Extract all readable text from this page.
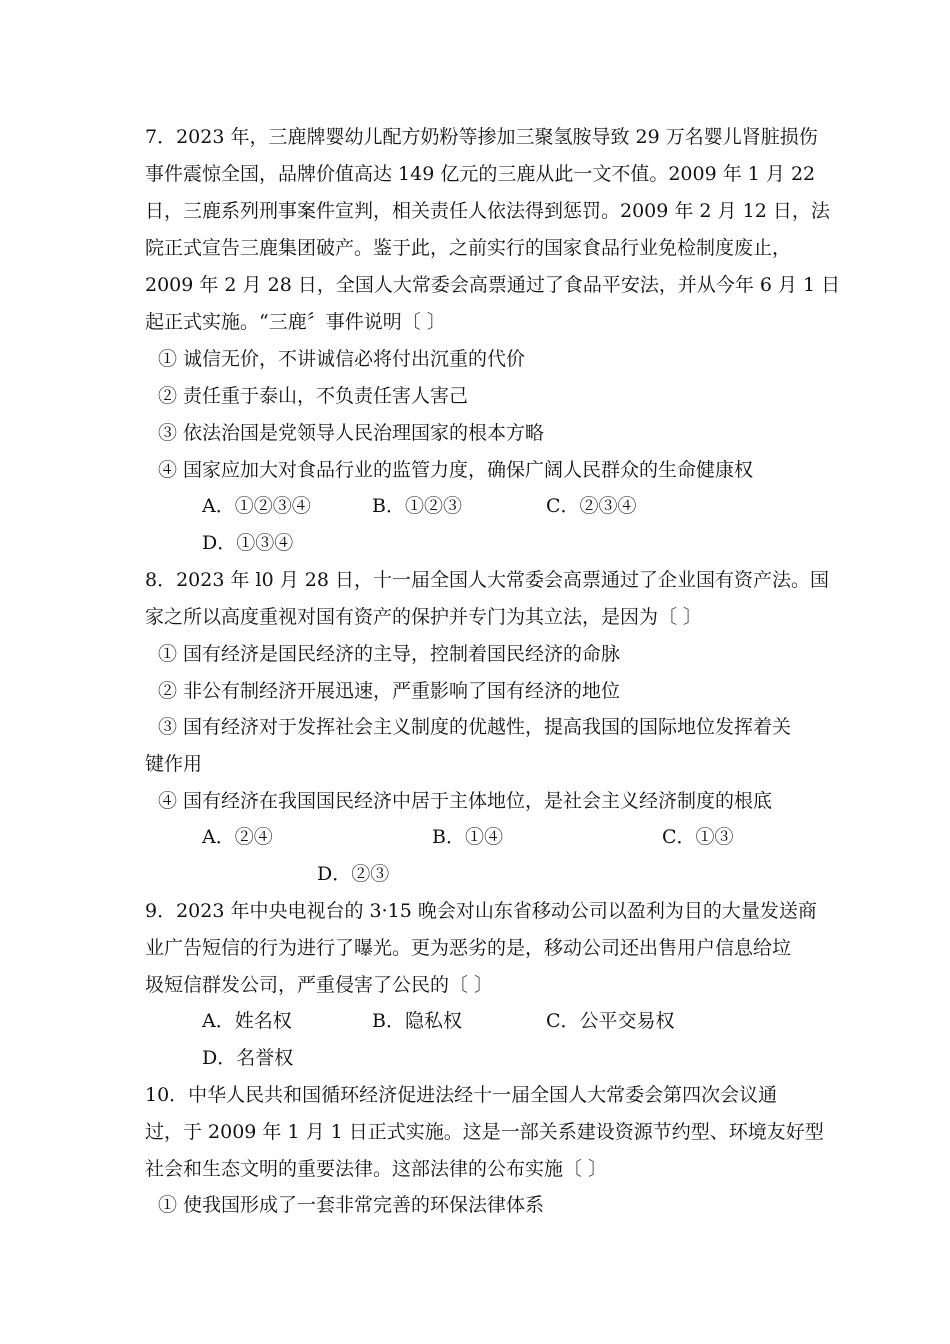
7．2023 年，三鹿牌婴幼儿配方奶粉等掺加三聚氢胺导致 29 万名婴儿肾脏损伤
事件震惊全国，品牌价值高达 149 亿元的三鹿从此一文不值。2009 年 1 月 22
日，三鹿系列刑事案件宣判，相关责任人依法得到惩罚。2009 年 2 月 12 日，法
院正式宣告三鹿集团破产。鉴于此，之前实行的国家食品行业免检制度废止，
2009 年 2 月 28 日，全国人大常委会高票通过了食品平安法，并从今年 6 月 1 日
起正式实施。“三鹿〞事件说明〔 〕
① 诚信无价，不讲诚信必将付出沉重的代价
② 责任重于泰山，不负责任害人害己
③ 依法治国是党领导人民治理国家的根本方略
④ 国家应加大对食品行业的监管力度，确保广阔人民群众的生命健康权
A．①②③④	B．①②③	C．②③④
D．①③④
8．2023 年 l0 月 28 日，十一届全国人大常委会高票通过了企业国有资产法。国
家之所以高度重视对国有资产的保护并专门为其立法，是因为〔 〕
① 国有经济是国民经济的主导，控制着国民经济的命脉
② 非公有制经济开展迅速，严重影响了国有经济的地位
③ 国有经济对于发挥社会主义制度的优越性，提高我国的国际地位发挥着关
键作用
④ 国有经济在我国国民经济中居于主体地位，是社会主义经济制度的根底
A．②④	B．①④	C．①③
D．②③
9．2023 年中央电视台的 3·15 晚会对山东省移动公司以盈利为目的大量发送商
业广告短信的行为进行了曝光。更为恶劣的是，移动公司还出售用户信息给垃
圾短信群发公司，严重侵害了公民的〔 〕
A．姓名权	B．隐私权	C．公平交易权
D．名誉权
10．中华人民共和国循环经济促进法经十一届全国人大常委会第四次会议通
过，于 2009 年 1 月 1 日正式实施。这是一部关系建设资源节约型、环境友好型
社会和生态文明的重要法律。这部法律的公布实施〔 〕
① 使我国形成了一套非常完善的环保法律体系
